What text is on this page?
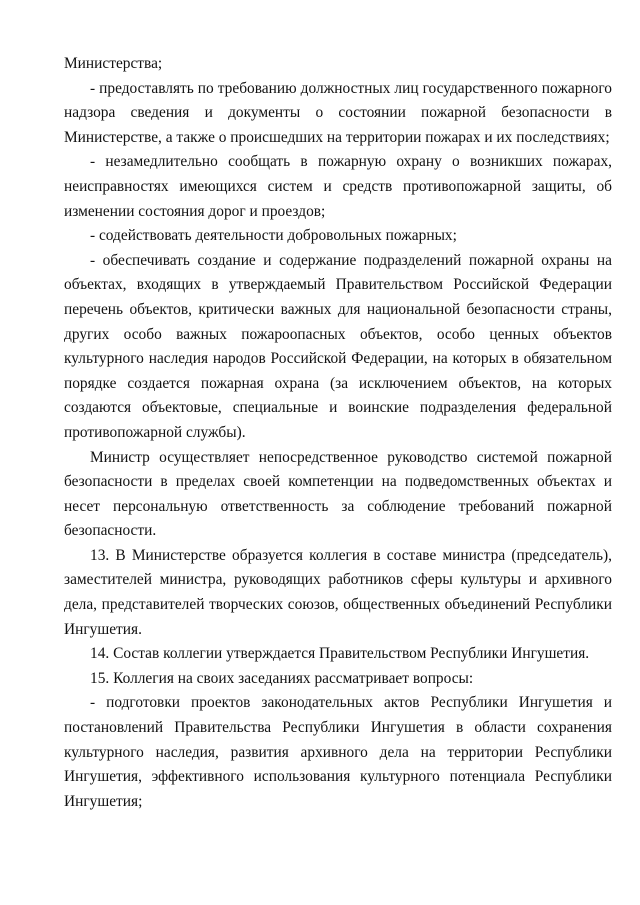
Министерства;

- предоставлять по требованию должностных лиц государственного пожарного надзора сведения и документы о состоянии пожарной безопасности в Министерстве, а также о происшедших на территории пожарах и их последствиях;

- незамедлительно сообщать в пожарную охрану о возникших пожарах, неисправностях имеющихся систем и средств противопожарной защиты, об изменении состояния дорог и проездов;

- содействовать деятельности добровольных пожарных;

- обеспечивать создание и содержание подразделений пожарной охраны на объектах, входящих в утверждаемый Правительством Российской Федерации перечень объектов, критически важных для национальной безопасности страны, других особо важных пожароопасных объектов, особо ценных объектов культурного наследия народов Российской Федерации, на которых в обязательном порядке создается пожарная охрана (за исключением объектов, на которых создаются объектовые, специальные и воинские подразделения федеральной противопожарной службы).

Министр осуществляет непосредственное руководство системой пожарной безопасности в пределах своей компетенции на подведомственных объектах и несет персональную ответственность за соблюдение требований пожарной безопасности.

13. В Министерстве образуется коллегия в составе министра (председатель), заместителей министра, руководящих работников сферы культуры и архивного дела, представителей творческих союзов, общественных объединений Республики Ингушетия.

14. Состав коллегии утверждается Правительством Республики Ингушетия.

15. Коллегия на своих заседаниях рассматривает вопросы:

- подготовки проектов законодательных актов Республики Ингушетия и постановлений Правительства Республики Ингушетия в области сохранения культурного наследия, развития архивного дела на территории Республики Ингушетия, эффективного использования культурного потенциала Республики Ингушетия;
